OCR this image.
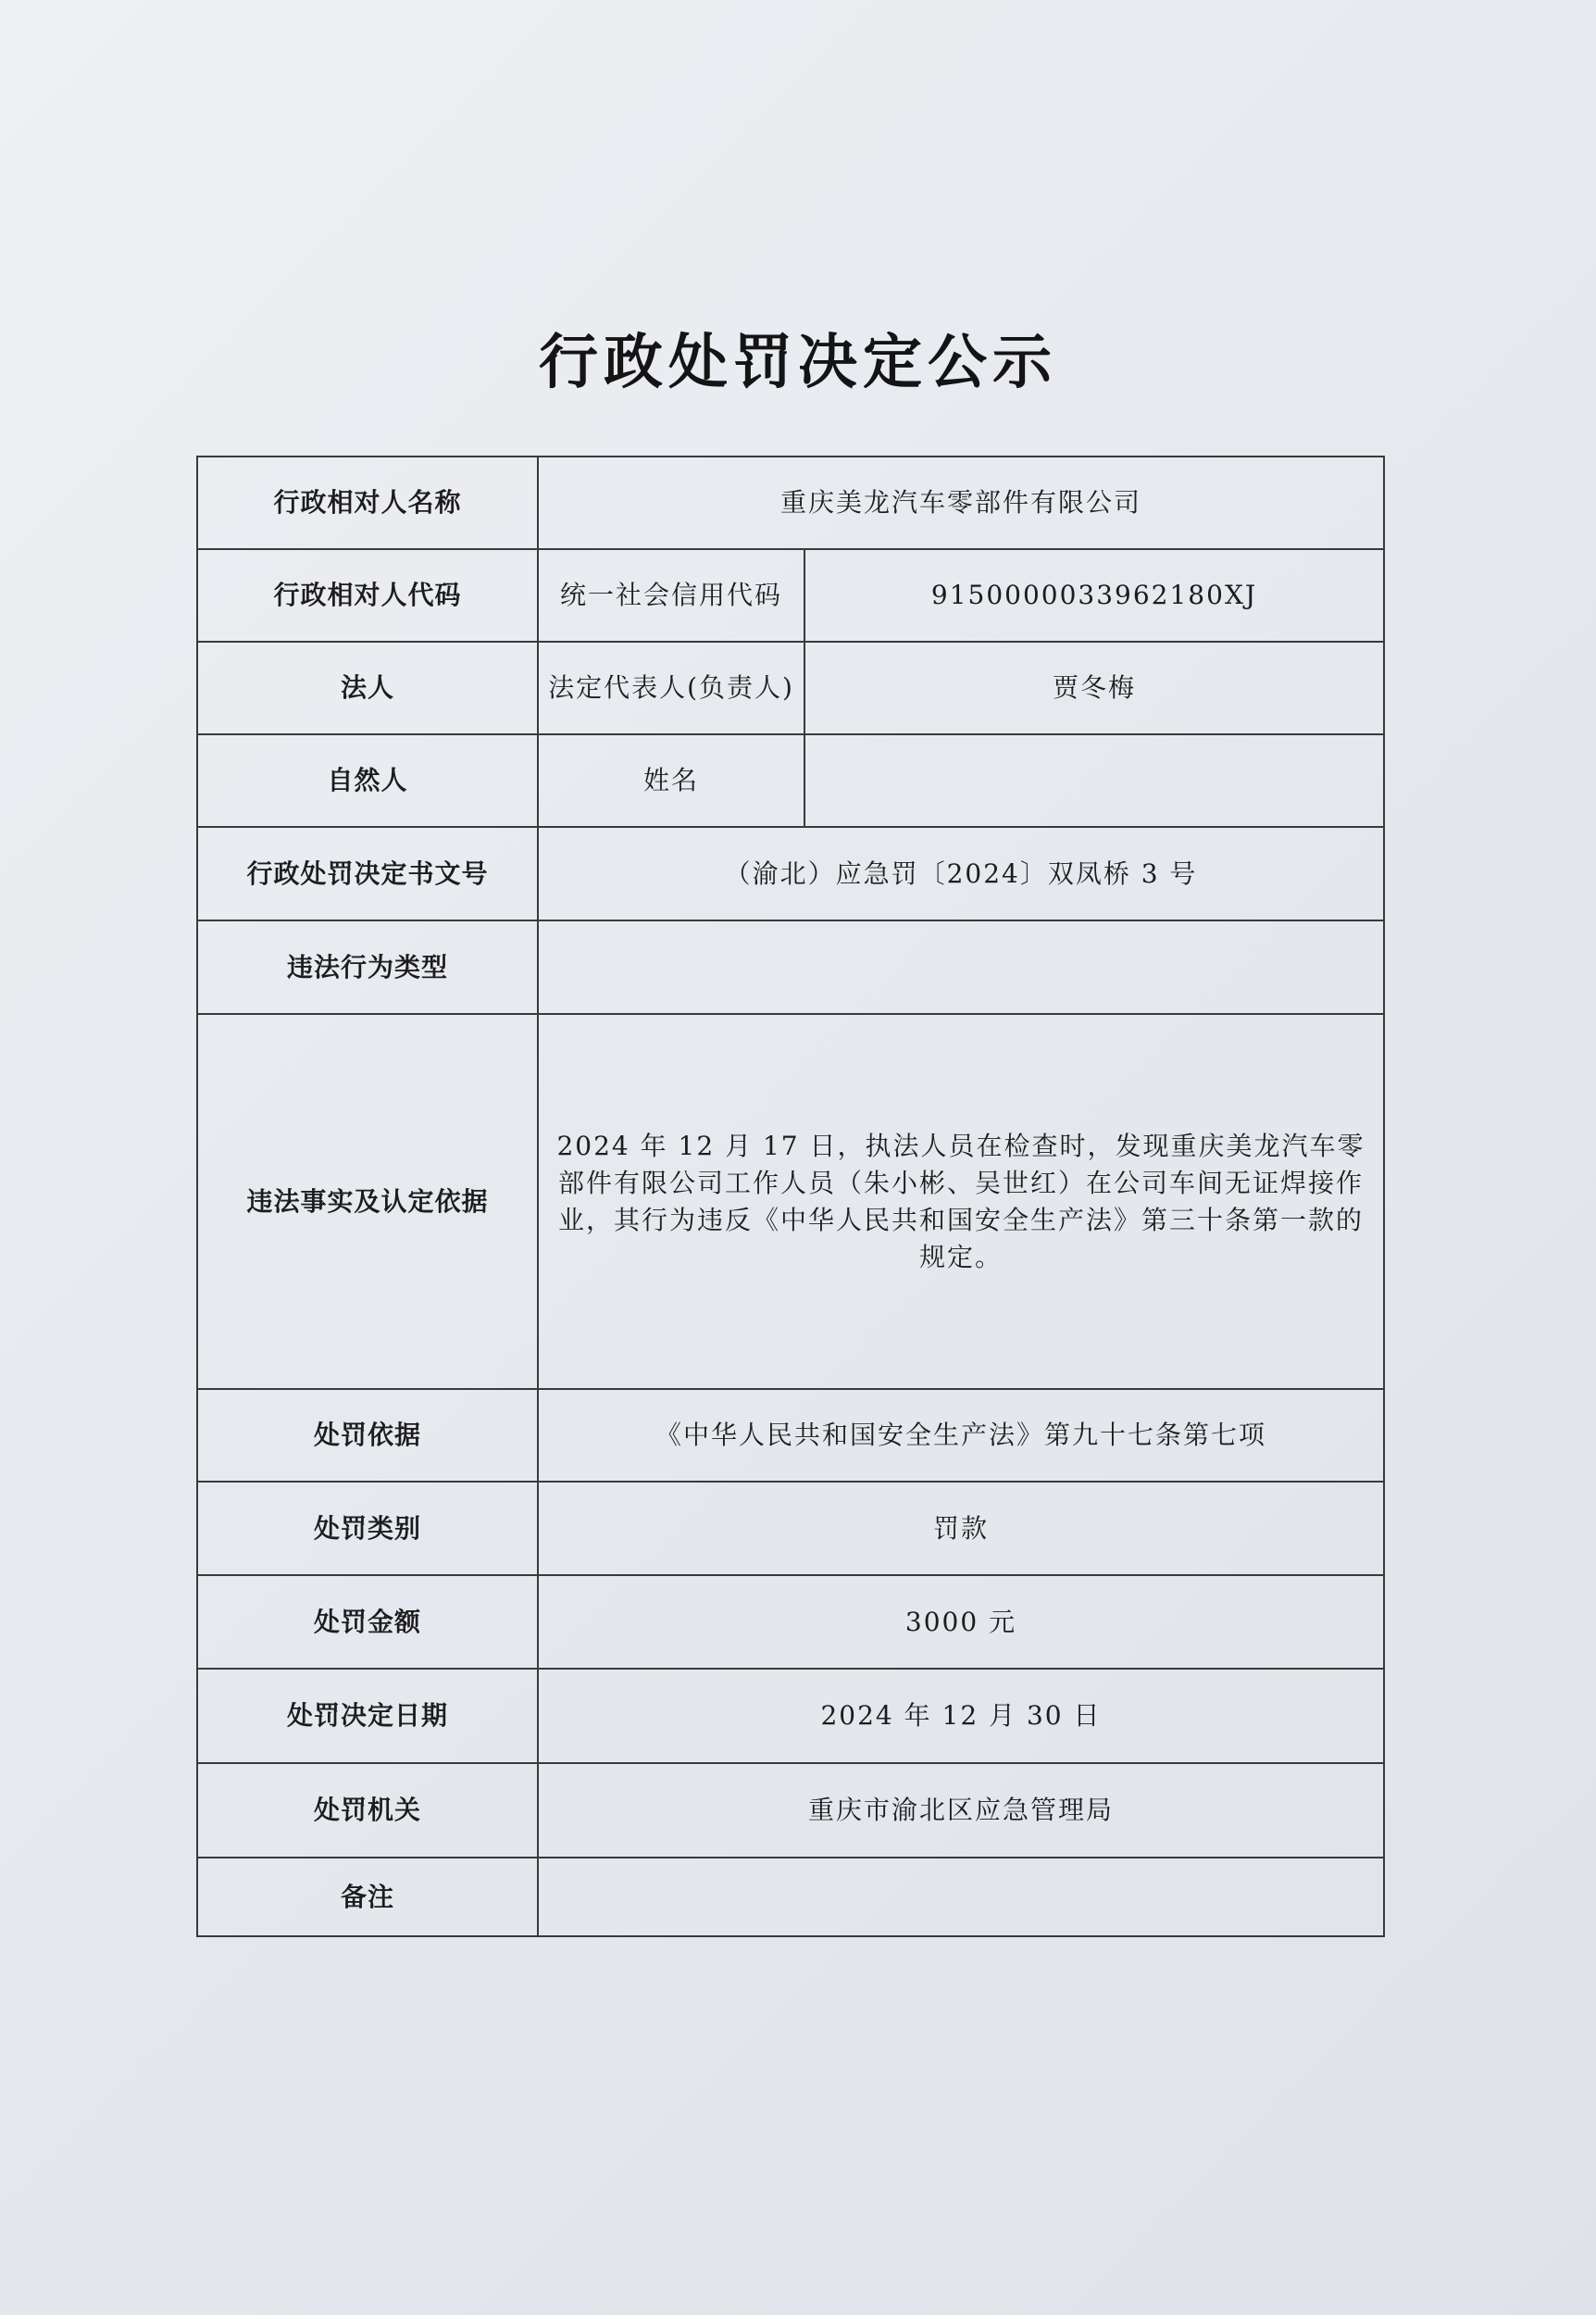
行政处罚决定公示
行政相对人名称	重庆美龙汽车零部件有限公司	
行政相对人代码	统一社会信用代码	9150000033962180XJ
法人	法定代表人(负责人)	贾冬梅
自然人	姓名	
行政处罚决定书文号	（渝北）应急罚〔2024〕双凤桥 3 号	
违法行为类型		
违法事实及认定依据	2024 年 12 月 17 日，执法人员在检查时，发现重庆美龙汽车零部件有限公司工作人员（朱小彬、吴世红）在公司车间无证焊接作业，其行为违反《中华人民共和国安全生产法》第三十条第一款的规定。	
处罚依据	《中华人民共和国安全生产法》第九十七条第七项	
处罚类别	罚款	
处罚金额	3000 元	
处罚决定日期	2024 年 12 月 30 日	
处罚机关	重庆市渝北区应急管理局	
备注		
